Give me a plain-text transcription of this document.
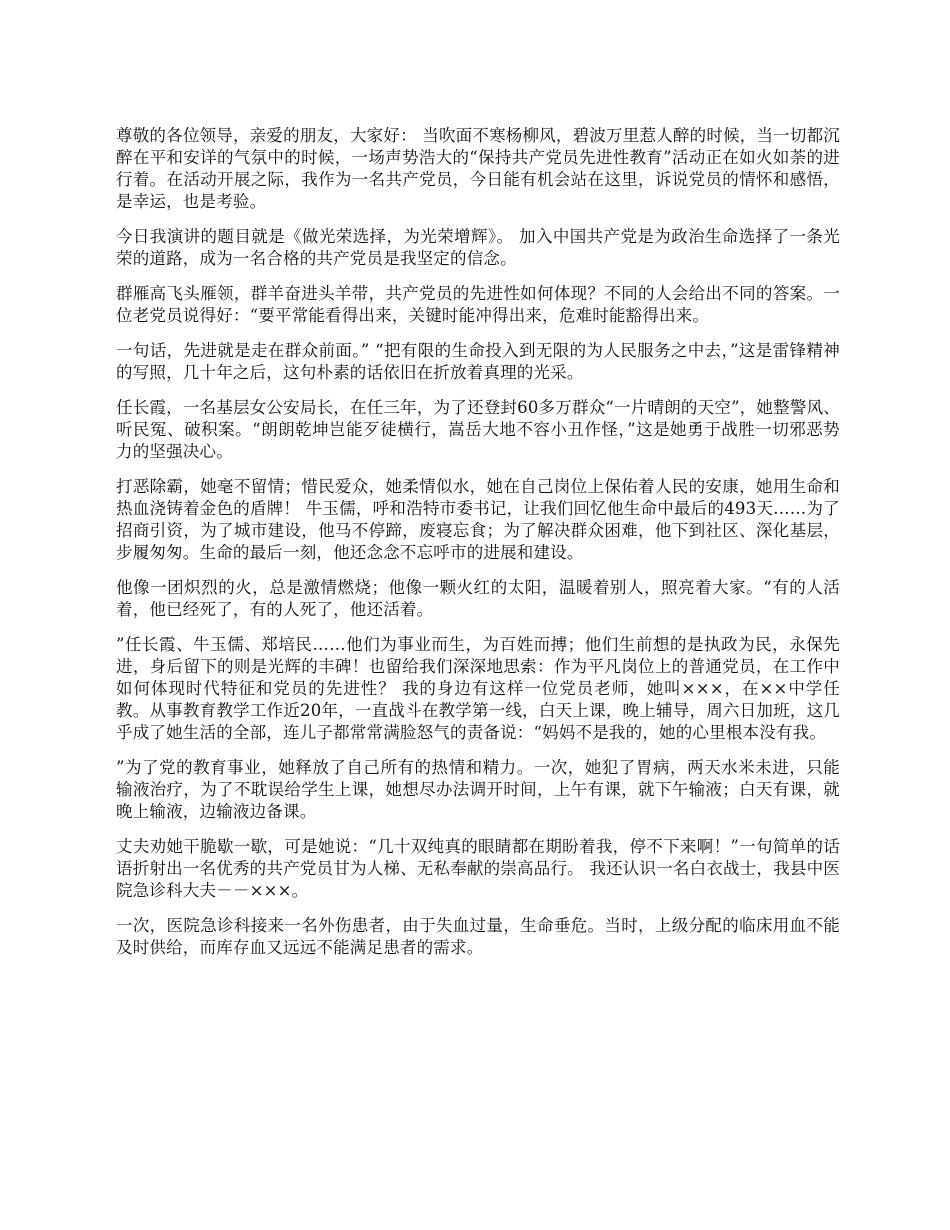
尊敬的各位领导，亲爱的朋友，大家好： 当吹面不寒杨柳风，碧波万里惹人醉的时候，当一切都沉醉在平和安详的气氛中的时候，一场声势浩大的“保持共产党员先进性教育”活动正在如火如荼的进行着。在活动开展之际，我作为一名共产党员，今日能有机会站在这里，诉说党员的情怀和感悟，是幸运，也是考验。

今日我演讲的题目就是《做光荣选择，为光荣增辉》。 加入中国共产党是为政治生命选择了一条光荣的道路，成为一名合格的共产党员是我坚定的信念。

群雁高飞头雁领，群羊奋进头羊带，共产党员的先进性如何体现？不同的人会给出不同的答案。一位老党员说得好：“要平常能看得出来，关键时能冲得出来，危难时能豁得出来。

一句话，先进就是走在群众前面。” “把有限的生命投入到无限的为人民服务之中去，”这是雷锋精神的写照，几十年之后，这句朴素的话依旧在折放着真理的光采。

任长霞，一名基层女公安局长，在任三年，为了还登封60多万群众“一片晴朗的天空”，她整警风、听民冤、破积案。“朗朗乾坤岂能歹徒横行，嵩岳大地不容小丑作怪，”这是她勇于战胜一切邪恶势力的坚强决心。

打恶除霸，她毫不留情；惜民爱众，她柔情似水，她在自己岗位上保佑着人民的安康，她用生命和热血浇铸着金色的盾牌！ 牛玉儒，呼和浩特市委书记，让我们回忆他生命中最后的493天……为了招商引资，为了城市建设，他马不停蹄，废寝忘食；为了解决群众困难，他下到社区、深化基层，步履匆匆。生命的最后一刻，他还念念不忘呼市的进展和建设。

他像一团炽烈的火，总是激情燃烧；他像一颗火红的太阳，温暖着别人，照亮着大家。“有的人活着，他已经死了，有的人死了，他还活着。

”任长霞、牛玉儒、郑培民……他们为事业而生，为百姓而搏；他们生前想的是执政为民，永保先进，身后留下的则是光辉的丰碑！也留给我们深深地思索：作为平凡岗位上的普通党员，在工作中如何体现时代特征和党员的先进性？ 我的身边有这样一位党员老师，她叫×××，在××中学任教。从事教育教学工作近20年，一直战斗在教学第一线，白天上课，晚上辅导，周六日加班，这几乎成了她生活的全部，连儿子都常常满脸怒气的责备说：“妈妈不是我的，她的心里根本没有我。

”为了党的教育事业，她释放了自己所有的热情和精力。一次，她犯了胃病，两天水米未进，只能输液治疗，为了不耽误给学生上课，她想尽办法调开时间，上午有课，就下午输液；白天有课，就晚上输液，边输液边备课。

丈夫劝她干脆歇一歇，可是她说：“几十双纯真的眼睛都在期盼着我，停不下来啊！”一句简单的话语折射出一名优秀的共产党员甘为人梯、无私奉献的崇高品行。 我还认识一名白衣战士，我县中医院急诊科大夫－－×××。

一次，医院急诊科接来一名外伤患者，由于失血过量，生命垂危。当时，上级分配的临床用血不能及时供给，而库存血又远远不能满足患者的需求。
